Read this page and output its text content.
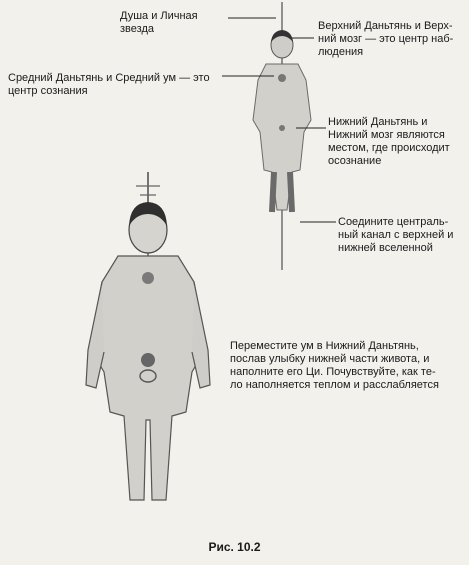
Душа и Личная звезда	Верхний Даньтянь и Верх-
ний мозг — это центр наб-
людения

Средний Даньтянь и Средний ум — это
центр сознания

Нижний Даньтянь и
Нижний мозг являются
местом, где происходит
осознание

Соедините централь-
ный канал с верхней и
нижней вселенной

Переместите ум в Нижний Даньтянь,
послав улыбку нижней части живота, и
наполните его Ци. Почувствуйте, как те-
ло наполняется теплом и расслабляется

Рис. 10.2
